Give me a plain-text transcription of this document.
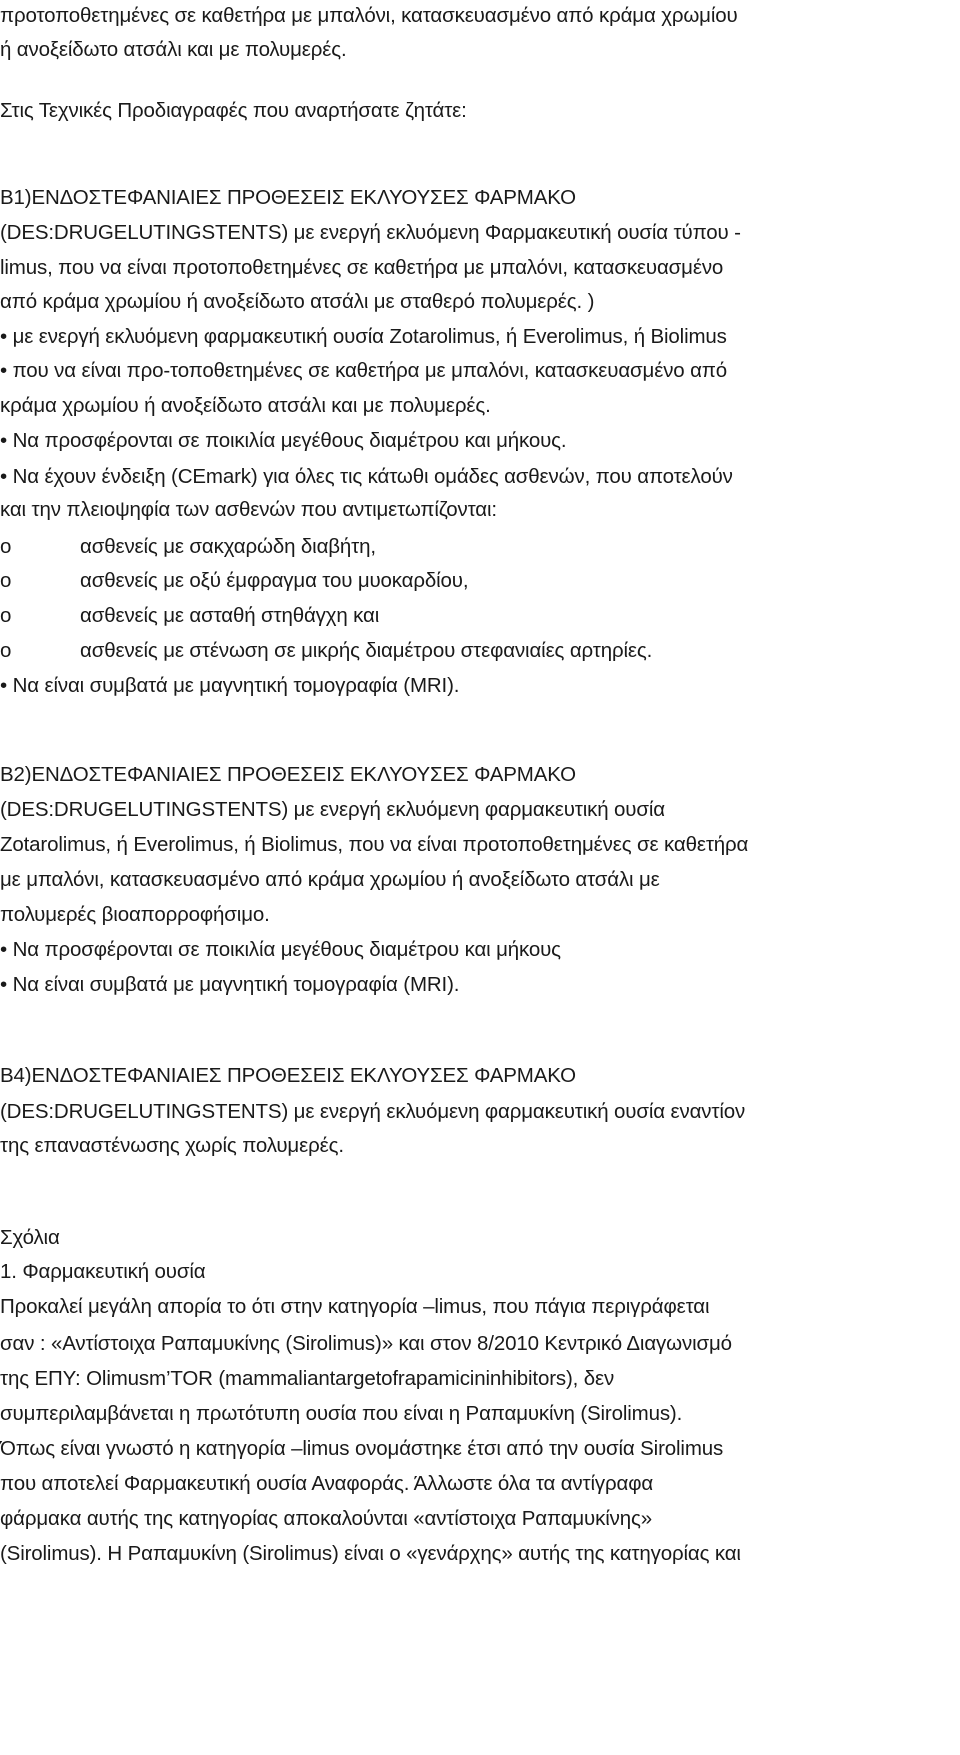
προτοποθετημένες σε καθετήρα με μπαλόνι, κατασκευασμένο από κράμα χρωμίου
ή ανοξείδωτο ατσάλι και με πολυμερές.
Στις Τεχνικές Προδιαγραφές που αναρτήσατε ζητάτε:
B1)ΕΝΔΟΣΤΕΦΑΝΙΑΙΕΣ ΠΡΟΘΕΣΕΙΣ ΕΚΛΥΟΥΣΕΣ ΦΑΡΜΑΚΟ
(DES:DRUGELUTINGSTENTS) με ενεργή εκλυόμενη Φαρμακευτική ουσία τύπου -
limus, που να είναι προτοποθετημένες σε καθετήρα με μπαλόνι, κατασκευασμένο
από κράμα χρωμίου ή ανοξείδωτο ατσάλι με σταθερό πολυμερές. )
• με ενεργή εκλυόμενη φαρμακευτική ουσία Zotarolimus, ή Everolimus, ή Biolimus
• που να είναι προ-τοποθετημένες σε καθετήρα με μπαλόνι, κατασκευασμένο από
κράμα χρωμίου ή ανοξείδωτο ατσάλι και με πολυμερές.
• Να προσφέρονται σε ποικιλία μεγέθους διαμέτρου και μήκους.
• Να έχουν ένδειξη (CEmark) για όλες τις κάτωθι ομάδες ασθενών, που αποτελούν
και την πλειοψηφία των ασθενών που αντιμετωπίζονται:
o	ασθενείς με σακχαρώδη διαβήτη,
o	ασθενείς με οξύ έμφραγμα του μυοκαρδίου,
o	ασθενείς με ασταθή στηθάγχη και
o	ασθενείς με στένωση σε μικρής διαμέτρου στεφανιαίες αρτηρίες.
• Να είναι συμβατά με μαγνητική τομογραφία (MRI).
B2)ΕΝΔΟΣΤΕΦΑΝΙΑΙΕΣ ΠΡΟΘΕΣΕΙΣ ΕΚΛΥΟΥΣΕΣ ΦΑΡΜΑΚΟ
(DES:DRUGELUTINGSTENTS) με ενεργή εκλυόμενη φαρμακευτική ουσία
Zotarolimus, ή Everolimus, ή Biolimus, που να είναι προτοποθετημένες σε καθετήρα
με μπαλόνι, κατασκευασμένο από κράμα χρωμίου ή ανοξείδωτο ατσάλι με
πολυμερές βιοαπορροφήσιμο.
• Να προσφέρονται σε ποικιλία μεγέθους διαμέτρου και μήκους
• Να είναι συμβατά με μαγνητική τομογραφία (MRI).
B4)ΕΝΔΟΣΤΕΦΑΝΙΑΙΕΣ ΠΡΟΘΕΣΕΙΣ ΕΚΛΥΟΥΣΕΣ ΦΑΡΜΑΚΟ
(DES:DRUGELUTINGSTENTS) με ενεργή εκλυόμενη φαρμακευτική ουσία εναντίον
της επαναστένωσης χωρίς πολυμερές.
Σχόλια
1. Φαρμακευτική ουσία
Προκαλεί μεγάλη απορία το ότι στην κατηγορία –limus, που πάγια περιγράφεται
σαν : «Αντίστοιχα Ραπαμυκίνης (Sirolimus)» και στον 8/2010 Κεντρικό Διαγωνισμό
της ΕΠΥ: Olimusm’TOR (mammaliantargetofrapamicininhibitors), δεν
συμπεριλαμβάνεται η πρωτότυπη ουσία που είναι η Ραπαμυκίνη (Sirolimus).
Όπως είναι γνωστό η κατηγορία –limus ονομάστηκε έτσι από την ουσία Sirolimus
που αποτελεί Φαρμακευτική ουσία Αναφοράς. Άλλωστε όλα τα αντίγραφα
φάρμακα αυτής της κατηγορίας αποκαλούνται «αντίστοιχα Ραπαμυκίνης»
(Sirolimus). Η Ραπαμυκίνη (Sirolimus) είναι ο «γενάρχης» αυτής της κατηγορίας και
